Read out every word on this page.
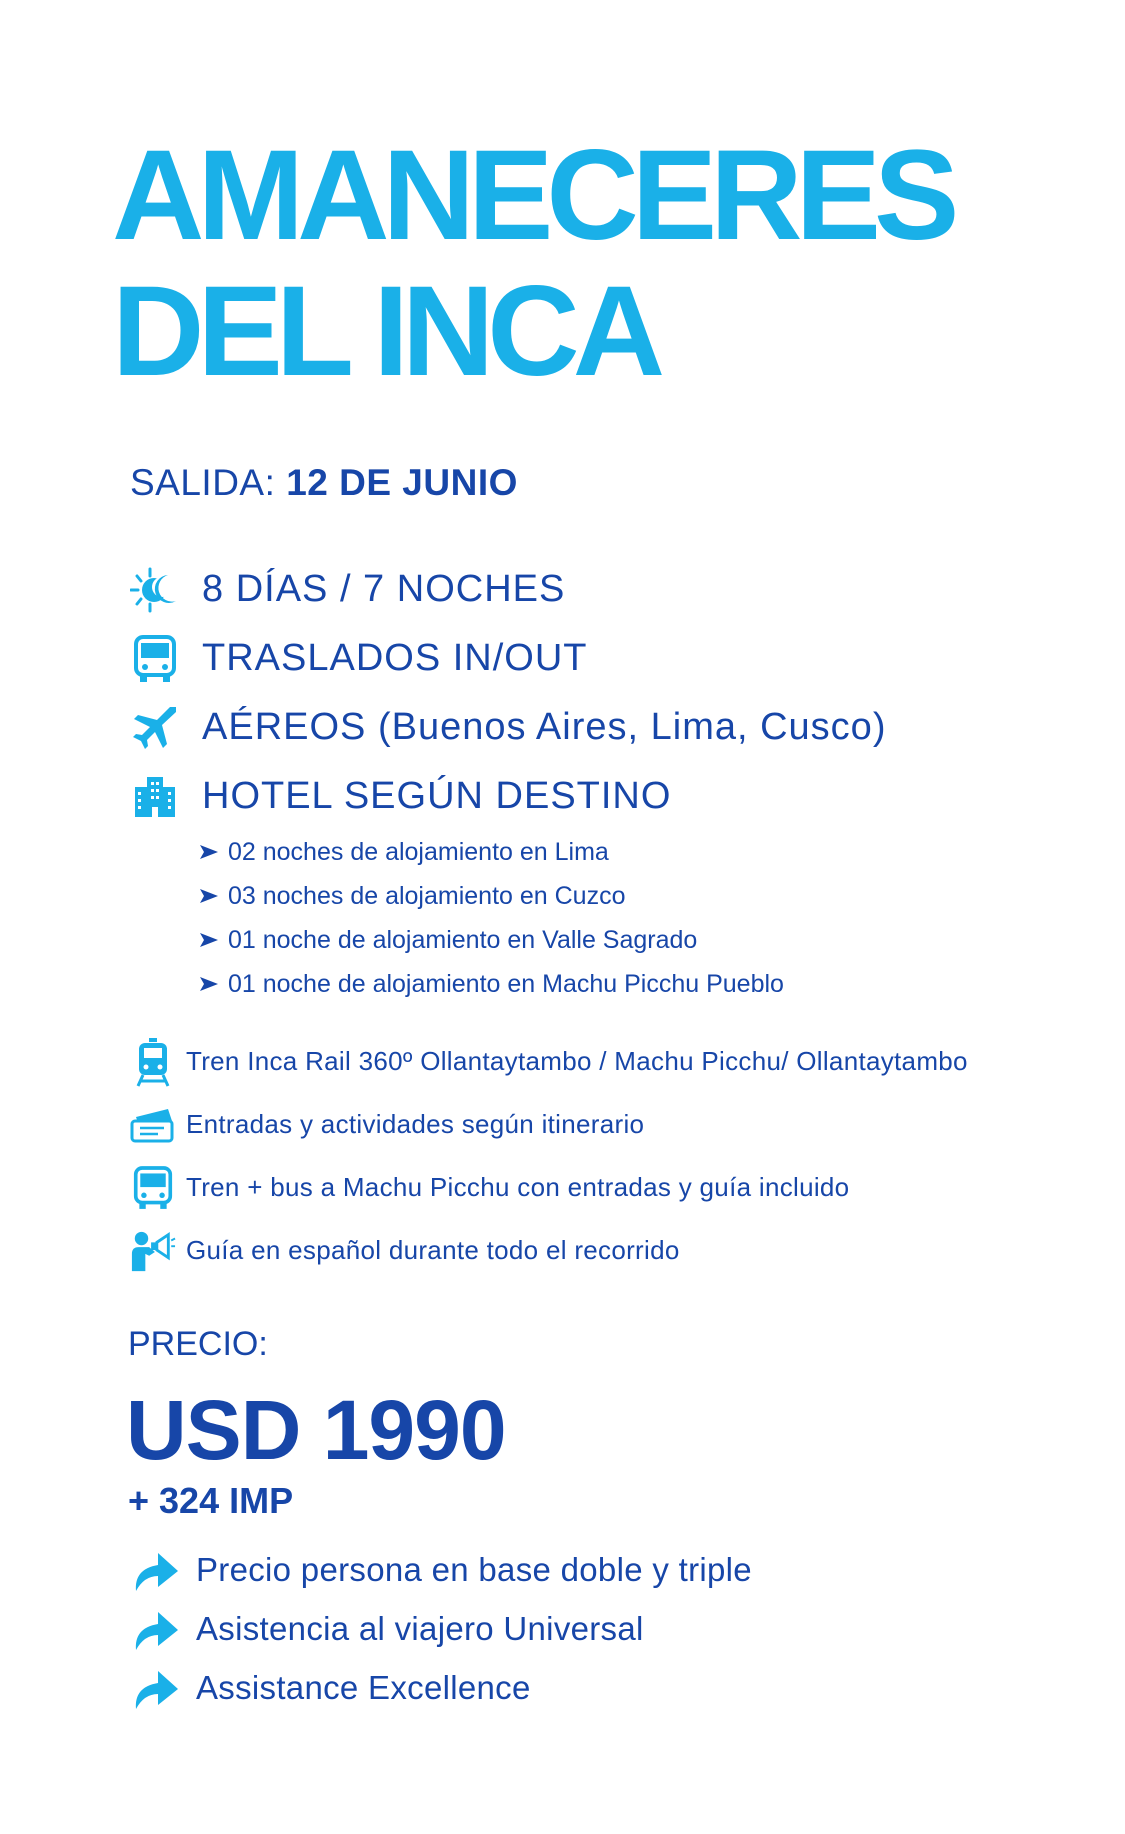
AMANECERES
DEL INCA
SALIDA: 12 DE JUNIO
8 DÍAS / 7 NOCHES
TRASLADOS IN/OUT
AÉREOS (Buenos Aires, Lima, Cusco)
HOTEL SEGÚN DESTINO
02 noches de alojamiento en Lima
03 noches de alojamiento en Cuzco
01 noche de alojamiento en Valle Sagrado
01 noche de alojamiento en Machu Picchu Pueblo
Tren Inca Rail 360º Ollantaytambo / Machu Picchu/ Ollantaytambo
Entradas y actividades según itinerario
Tren + bus a Machu Picchu con entradas y guía incluido
Guía en español durante todo el recorrido
PRECIO:
USD 1990
+ 324 IMP
Precio persona en base doble y triple
Asistencia al viajero Universal
Assistance Excellence
